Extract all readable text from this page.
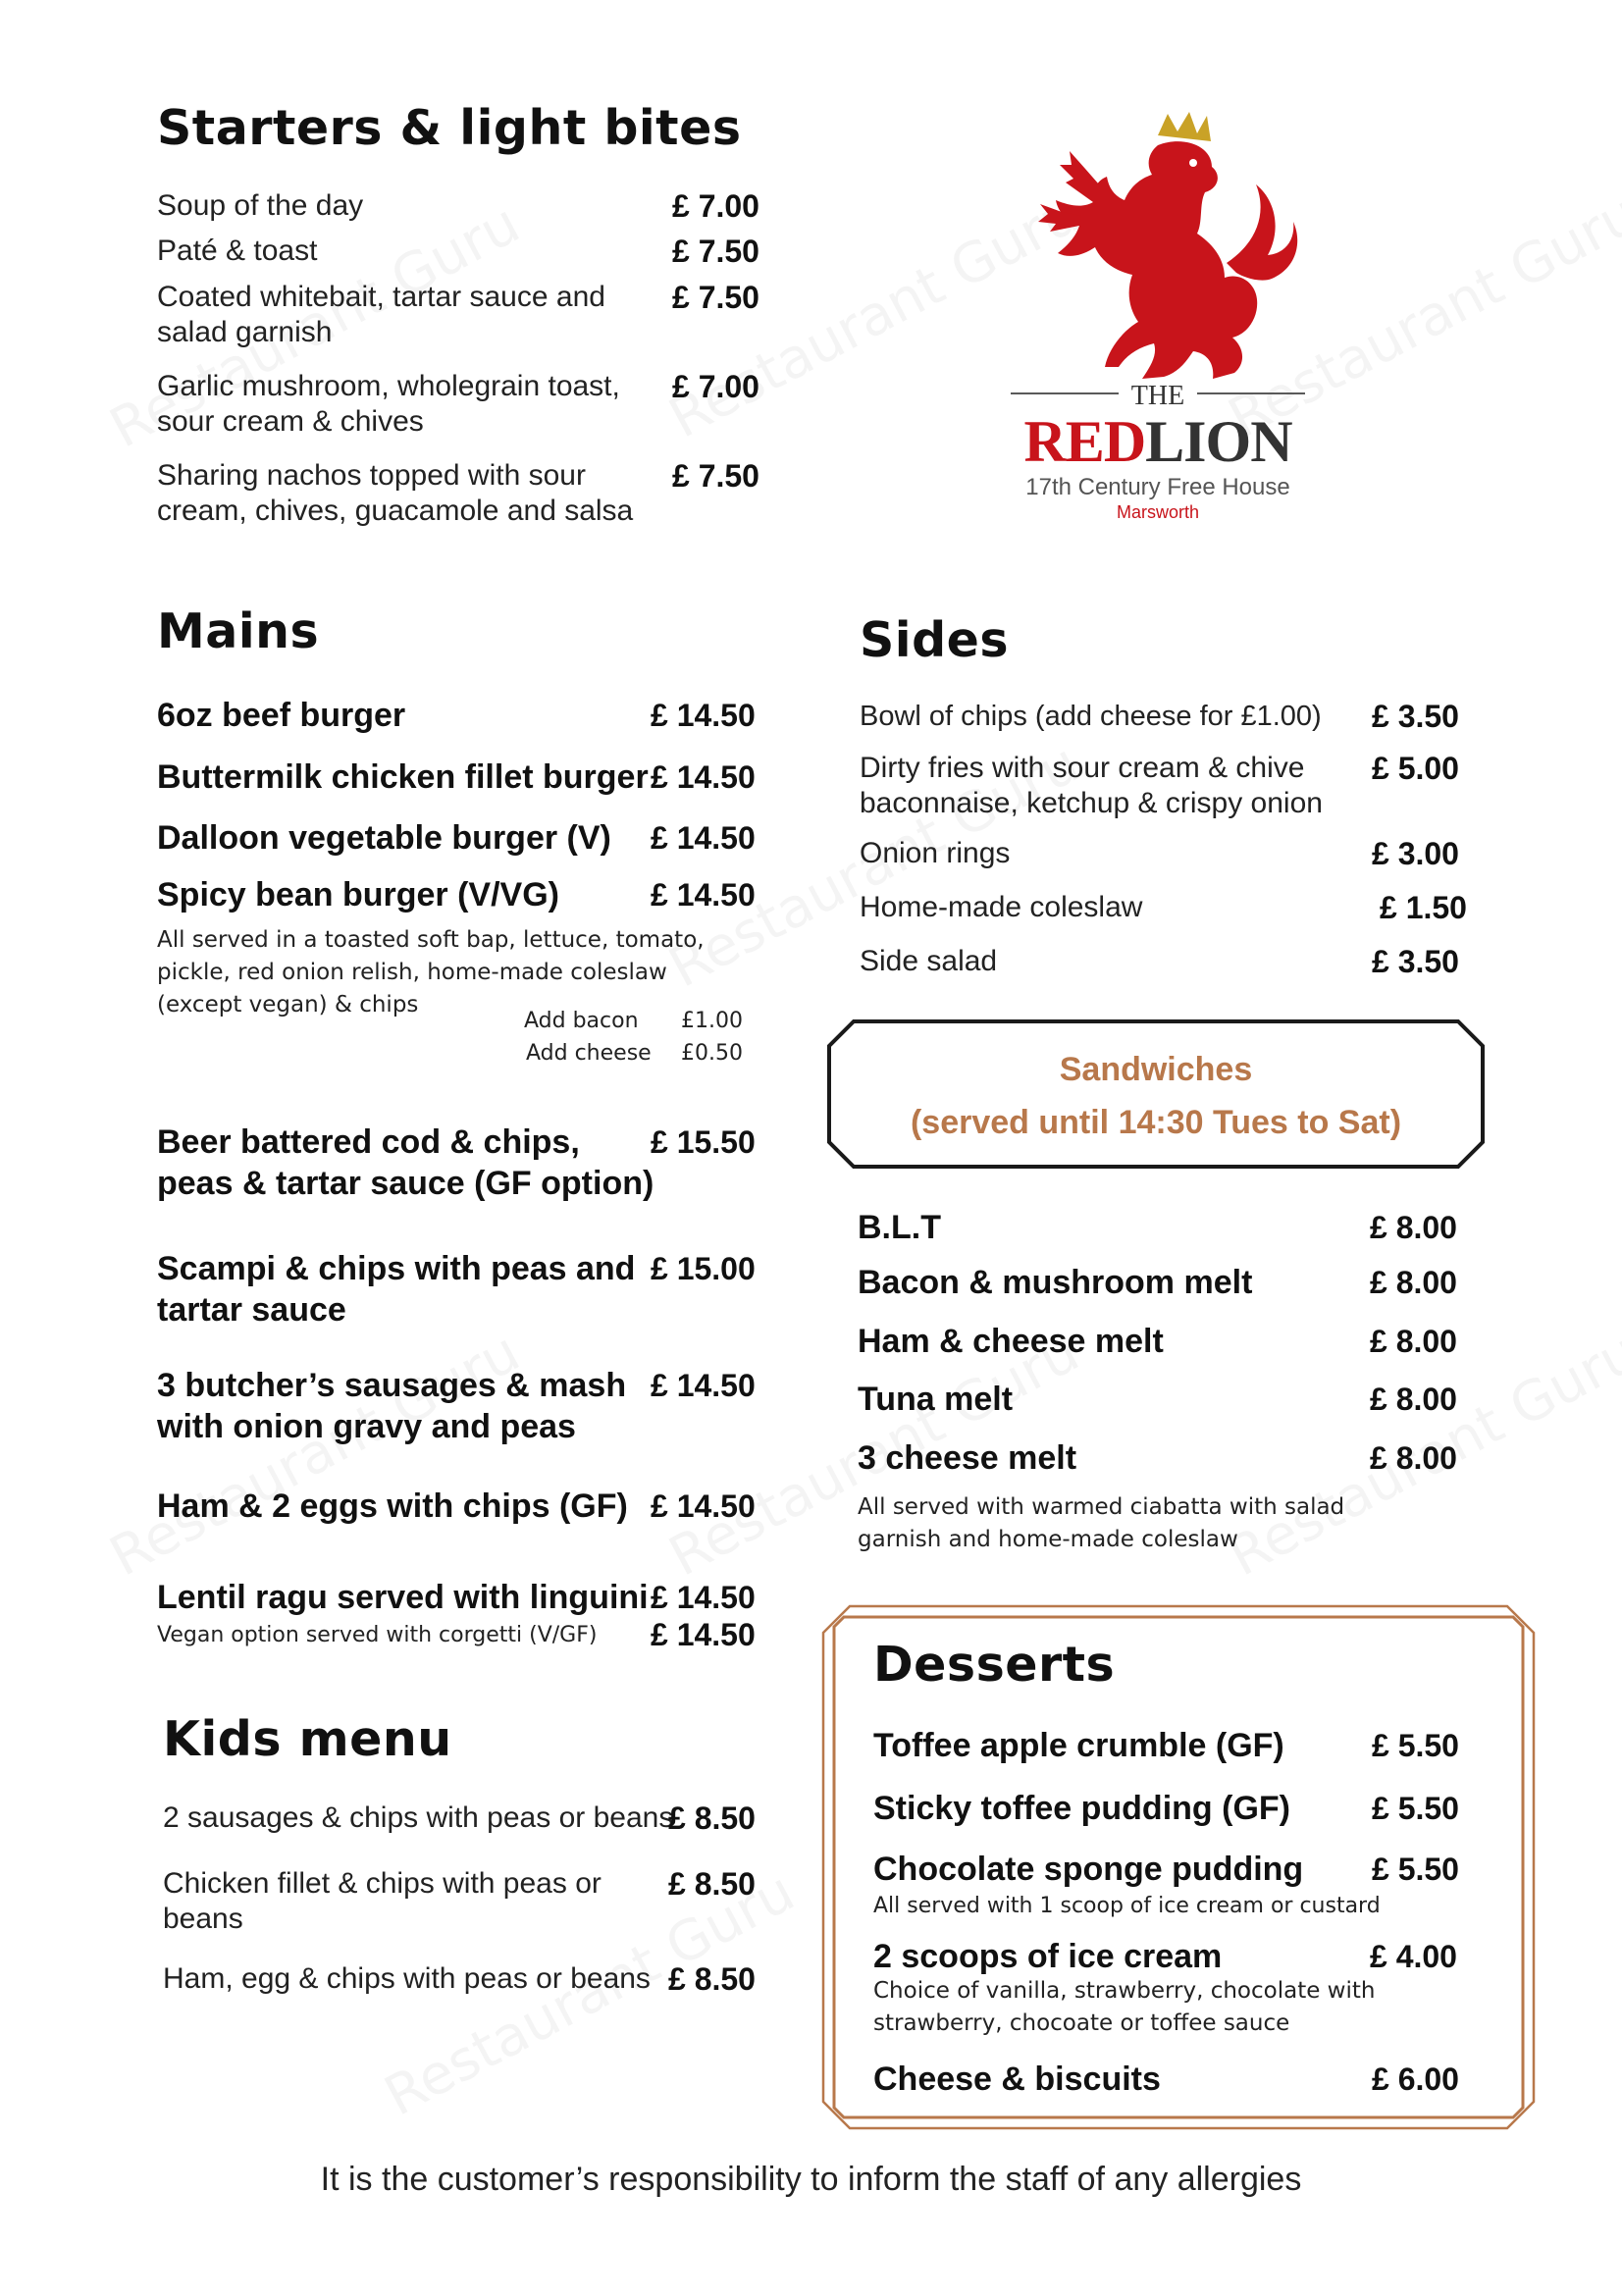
THE
REDLION
17th Century Free House
Marsworth
Starters & light bites
Soup of the day	£ 7.00
Paté & toast	£ 7.50
Coated whitebait, tartar sauce and
salad garnish
£ 7.50
Garlic mushroom, wholegrain toast,
sour cream & chives
£ 7.00
Sharing nachos topped with sour
cream, chives, guacamole and salsa
£ 7.50
Mains
6oz beef burger	£ 14.50
Buttermilk chicken fillet burger £ 14.50
Dalloon vegetable burger (V) £ 14.50
Spicy bean burger (V/VG)	£ 14.50
All served in a toasted soft bap, lettuce, tomato,
pickle, red onion relish, home-made coleslaw
(except vegan) & chips
Add bacon £1.00
Add cheese £0.50
Beer battered cod & chips,
peas & tartar sauce (GF option)
£ 15.50
Scampi & chips with peas and
tartar sauce
£ 15.00
3 butcher’s sausages & mash
with onion gravy and peas
£ 14.50
Ham & 2 eggs with chips (GF) £ 14.50
Lentil ragu served with linguini £ 14.50
Vegan option served with corgetti (V/GF) £ 14.50
Kids menu
2 sausages & chips with peas or beans
£ 8.50
Chicken fillet & chips with peas or
beans
£ 8.50
Ham, egg & chips with peas or beans £ 8.50
Sides
Bowl of chips (add cheese for £1.00) £ 3.50
Dirty fries with sour cream & chive
baconnaise, ketchup & crispy onion
£ 5.00
Onion rings	£ 3.00
Home-made coleslaw	£ 1.50
Side salad	£ 3.50
Sandwiches
(served until 14:30 Tues to Sat)
B.L.T	£ 8.00
Bacon & mushroom melt	£ 8.00
Ham & cheese melt	£ 8.00
Tuna melt	£ 8.00
3 cheese melt	£ 8.00
All served with warmed ciabatta with salad
garnish and home-made coleslaw
Desserts
Toffee apple crumble (GF)	£ 5.50
Sticky toffee pudding (GF)	£ 5.50
Chocolate sponge pudding £ 5.50
All served with 1 scoop of ice cream or custard
2 scoops of ice cream	£ 4.00
Choice of vanilla, strawberry, chocolate with
strawberry, chocoate or toffee sauce
Cheese & biscuits	£ 6.00
It is the customer’s responsibility to inform the staff of any allergies
